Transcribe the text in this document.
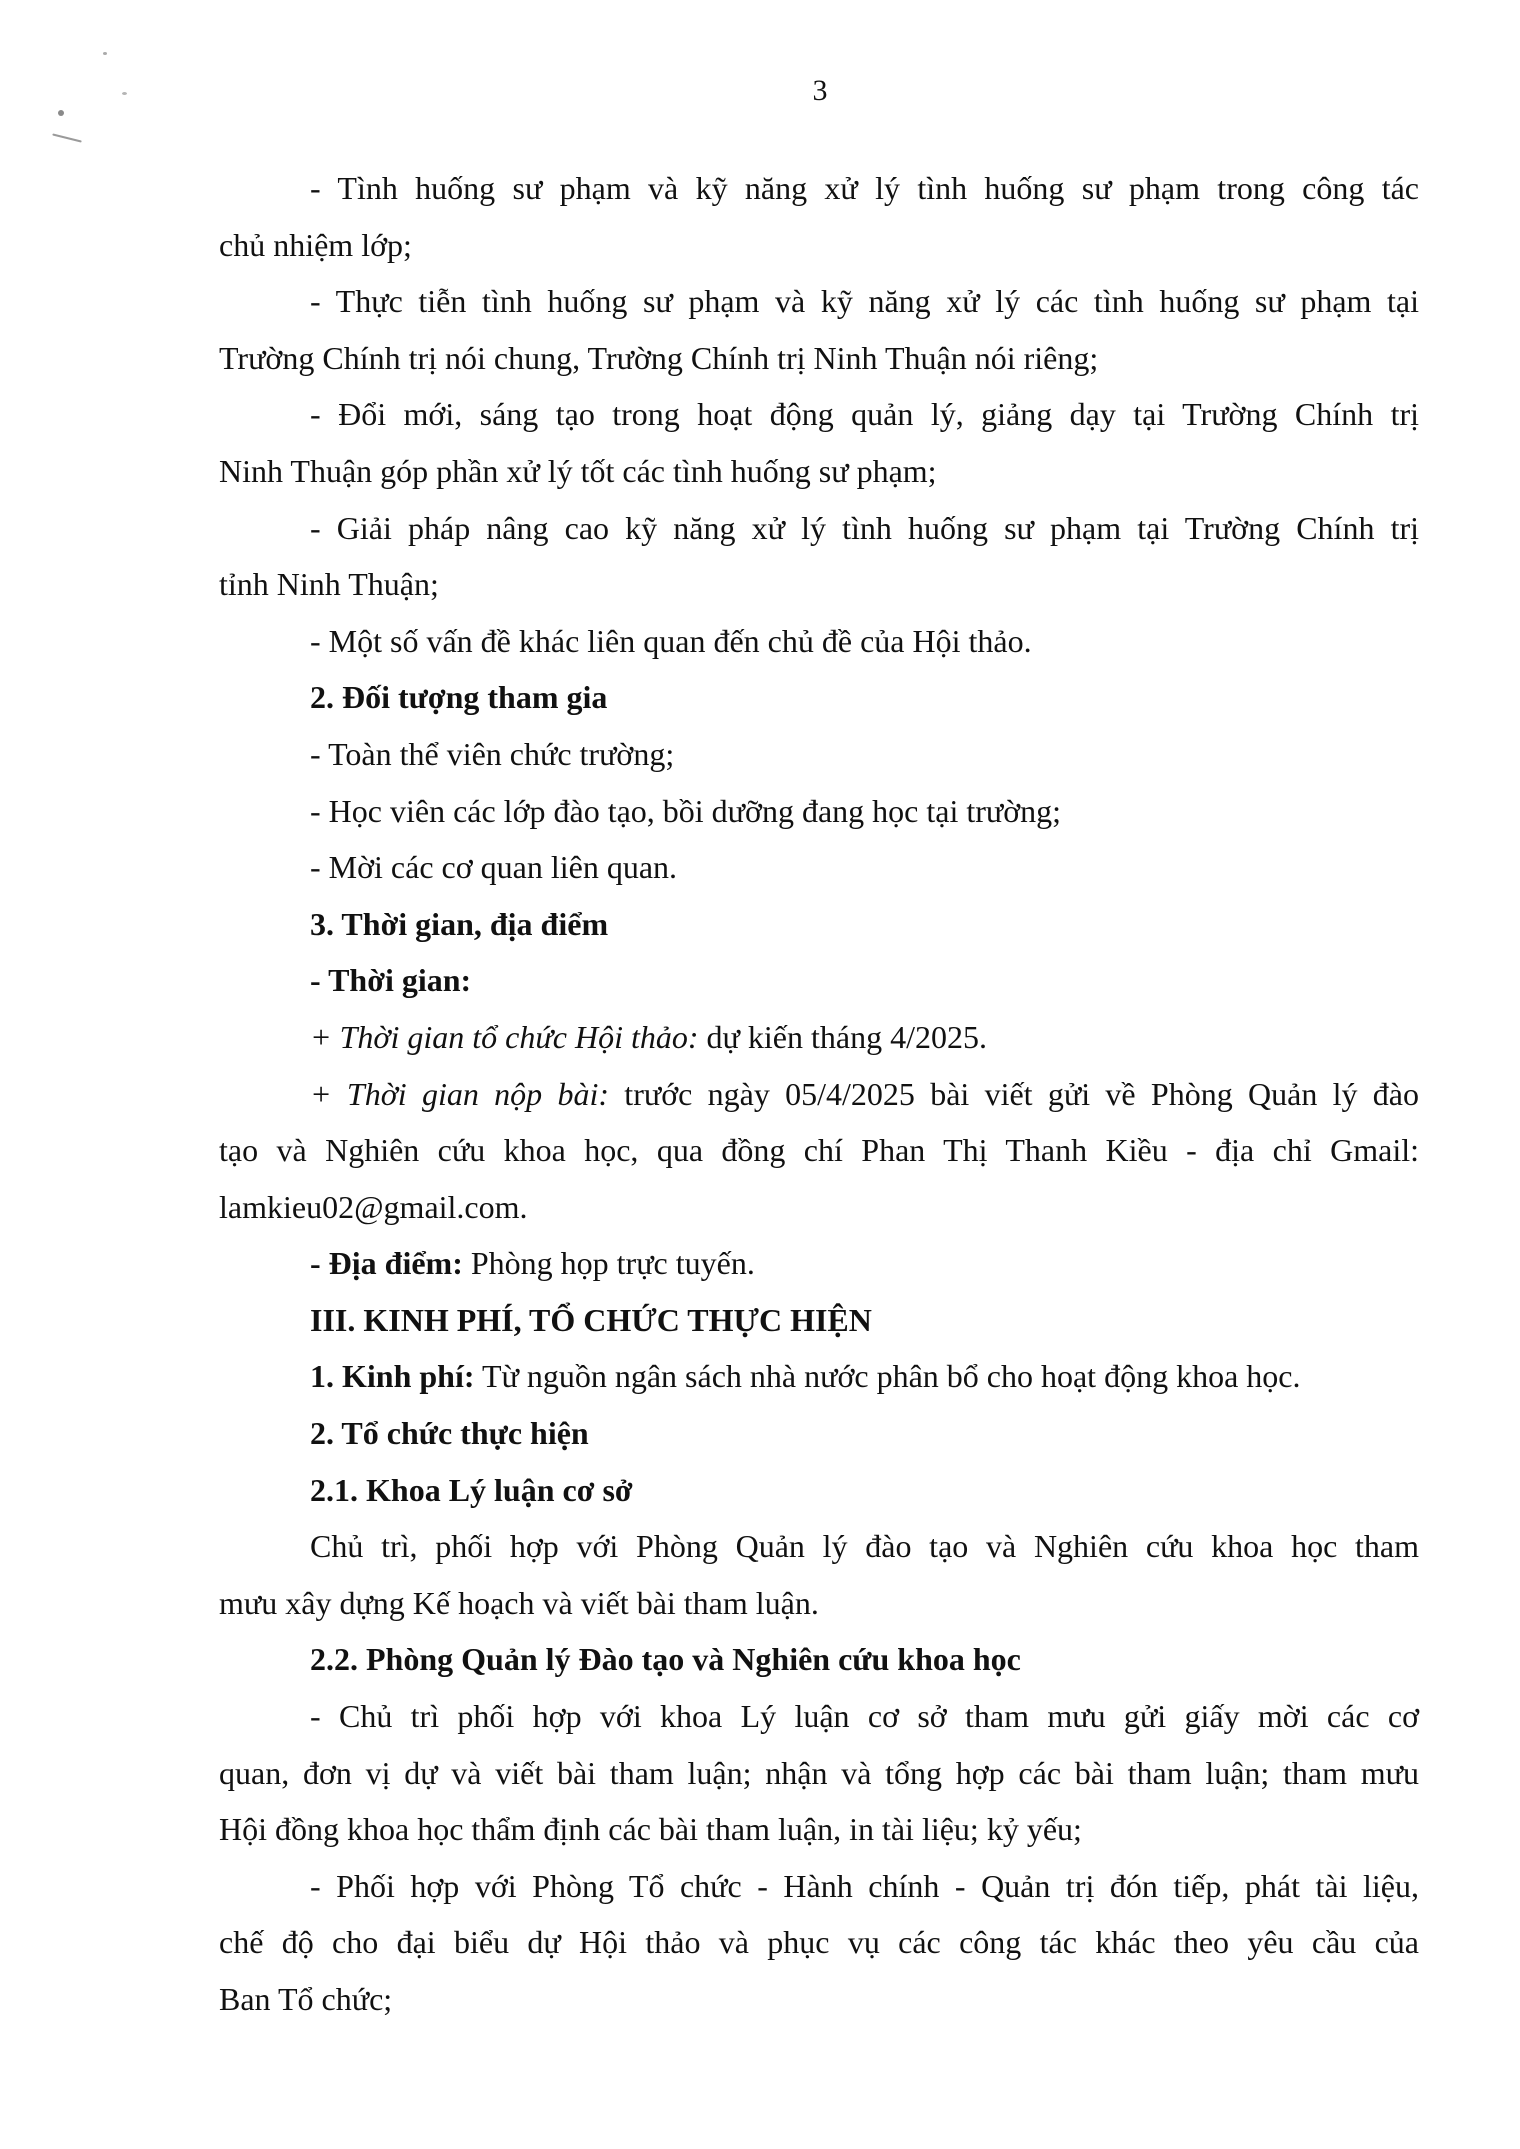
3
- Tình huống sư phạm và kỹ năng xử lý tình huống sư phạm trong công tác
chủ nhiệm lớp;
- Thực tiễn tình huống sư phạm và kỹ năng xử lý các tình huống sư phạm tại
Trường Chính trị nói chung, Trường Chính trị Ninh Thuận nói riêng;
- Đổi mới, sáng tạo trong hoạt động quản lý, giảng dạy tại Trường Chính trị
Ninh Thuận góp phần xử lý tốt các tình huống sư phạm;
- Giải pháp nâng cao kỹ năng xử lý tình huống sư phạm tại Trường Chính trị
tỉnh Ninh Thuận;
- Một số vấn đề khác liên quan đến chủ đề của Hội thảo.
2. Đối tượng tham gia
- Toàn thể viên chức trường;
- Học viên các lớp đào tạo, bồi dưỡng đang học tại trường;
- Mời các cơ quan liên quan.
3. Thời gian, địa điểm
- Thời gian:
+ Thời gian tổ chức Hội thảo: dự kiến tháng 4/2025.
+ Thời gian nộp bài: trước ngày 05/4/2025 bài viết gửi về Phòng Quản lý đào
tạo và Nghiên cứu khoa học, qua đồng chí Phan Thị Thanh Kiều - địa chỉ Gmail:
lamkieu02@gmail.com.
- Địa điểm: Phòng họp trực tuyến.
III. KINH PHÍ, TỔ CHỨC THỰC HIỆN
1. Kinh phí: Từ nguồn ngân sách nhà nước phân bổ cho hoạt động khoa học.
2. Tổ chức thực hiện
2.1. Khoa Lý luận cơ sở
Chủ trì, phối hợp với Phòng Quản lý đào tạo và Nghiên cứu khoa học tham
mưu xây dựng Kế hoạch và viết bài tham luận.
2.2. Phòng Quản lý Đào tạo và Nghiên cứu khoa học
- Chủ trì phối hợp với khoa Lý luận cơ sở tham mưu gửi giấy mời các cơ
quan, đơn vị dự và viết bài tham luận; nhận và tổng hợp các bài tham luận; tham mưu
Hội đồng khoa học thẩm định các bài tham luận, in tài liệu; kỷ yếu;
- Phối hợp với Phòng Tổ chức - Hành chính - Quản trị đón tiếp, phát tài liệu,
chế độ cho đại biểu dự Hội thảo và phục vụ các công tác khác theo yêu cầu của
Ban Tổ chức;
